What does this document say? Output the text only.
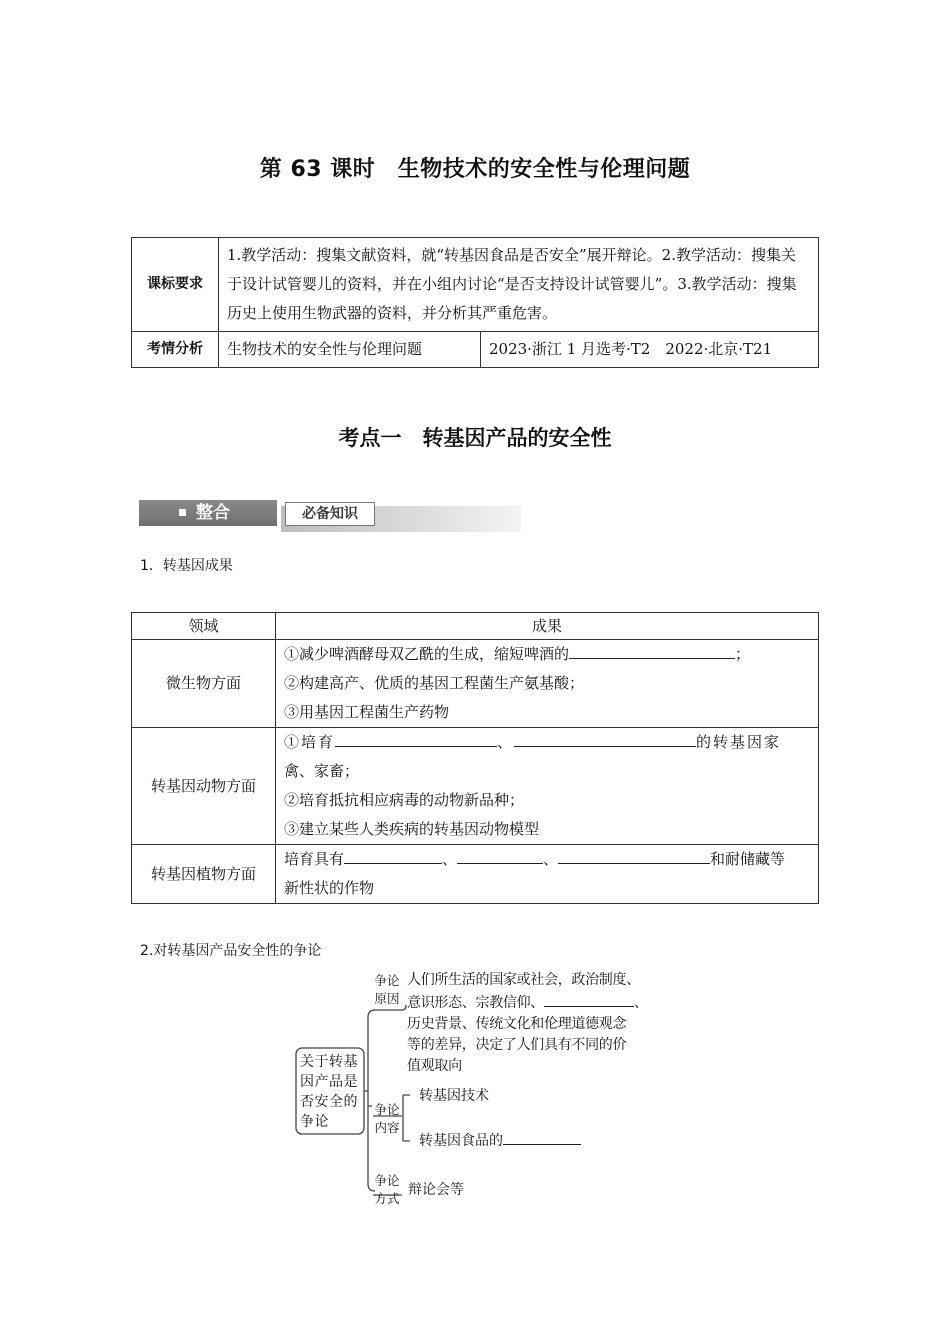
第 63 课时　生物技术的安全性与伦理问题
课标要求	1.教学活动：搜集文献资料，就“转基因食品是否安全”展开辩论。2.教学活动：搜集关于设计试管婴儿的资料，并在小组内讨论“是否支持设计试管婴儿”。3.教学活动：搜集历史上使用生物武器的资料，并分析其严重危害。	
考情分析	生物技术的安全性与伦理问题	2023·浙江 1 月选考·T2　2022·北京·T21
考点一　转基因产品的安全性
整合	必备知识
1．转基因成果
领域	成果
微生物方面	①减少啤酒酵母双乙酰的生成，缩短啤酒的 ；
②构建高产、优质的基因工程菌生产氨基酸；
③用基因工程菌生产药物

转基因动物方面	①培育 、 的转基因家
禽、家畜；
②培育抵抗相应病毒的动物新品种；
③建立某些人类疾病的转基因动物模型

转基因植物方面	培育具有 、 、 和耐储藏等
新性状的作物
2.对转基因产品安全性的争论
关于转基因产品是否安全的争论
争论
原因
人们所生活的国家或社会，政治制度、
意识形态、宗教信仰、	、
历史背景、传统文化和伦理道德观念
等的差异，决定了人们具有不同的价
值观取向
争论
内容
转基因技术
转基因食品的
争论
方式
辩论会等
